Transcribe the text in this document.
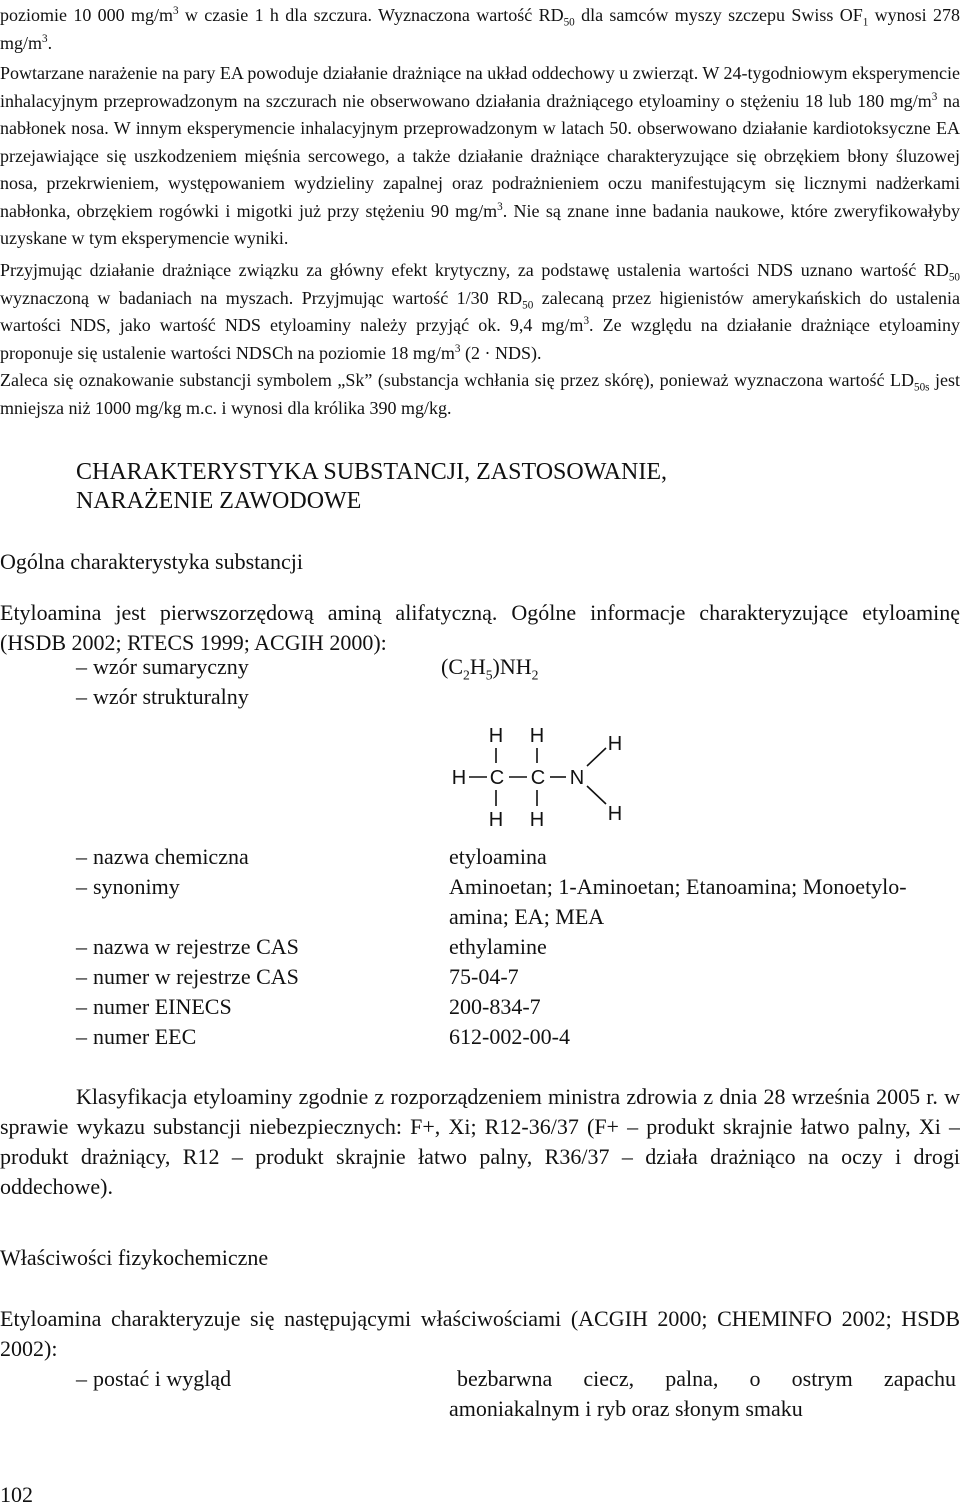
poziomie 10 000 $mg/m^3$ w czasie 1 h dla szczura. Wyznaczona wartość $RD_{50}$ dla samców myszy szczepu Swiss $OF_1$ wynosi 278 $mg/m^3$.

Powtarzane narażenie na pary EA powoduje działanie drażniące na układ oddechowy u zwierząt. W 24-tygodniowym eksperymencie inhalacyjnym przeprowadzonym na szczurach nie obserwowano działania drażniącego etyloaminy o stężeniu 18 lub 180 $mg/m^3$ na nabłonek nosa. W innym eksperymencie inhalacyjnym przeprowadzonym w latach 50. obserwowano działanie kardiotoksyczne EA przejawiające się uszkodzeniem mięśnia sercowego, a także działanie drażniące charakteryzujące się obrzękiem błony śluzowej nosa, przekrwieniem, występowaniem wydzieliny zapalnej oraz podrażnieniem oczu manifestującym się licznymi nadżerkami nabłonka, obrzękiem rogówki i migotki już przy stężeniu 90 $mg/m^3$. Nie są znane inne badania naukowe, które zweryfikowałyby uzyskane w tym eksperymencie wyniki.

Przyjmując działanie drażniące związku za główny efekt krytyczny, za podstawę ustalenia wartości NDS uznano wartość $RD_{50}$ wyznaczoną w badaniach na myszach. Przyjmując wartość 1/30 $RD_{50}$ zalecaną przez higienistów amerykańskich do ustalenia wartości NDS, jako wartość NDS etyloaminy należy przyjąć ok. 9,4 $mg/m^3$. Ze względu na działanie drażniące etyloaminy proponuje się ustalenie wartości NDSCh na poziomie 18 $mg/m^3$ (2 · NDS).

Zaleca się oznakowanie substancji symbolem „Sk” (substancja wchłania się przez skórę), ponieważ wyznaczona wartość $LD_{50s}$ jest mniejsza niż 1000 mg/kg m.c. i wynosi dla królika 390 mg/kg.

CHARAKTERYSTYKA SUBSTANCJI, ZASTOSOWANIE,
NARAŻENIE ZAWODOWE
Ogólna charakterystyka substancji

Etyloamina jest pierwszorzędową aminą alifatyczną. Ogólne informacje charakteryzujące etyloaminę (HSDB 2002; RTECS 1999; ACGIH 2000):

– wzór sumaryczny	$(C_2H_5)NH_2$
– wzór strukturalny
H H	H
H C C N
H H	H
– nazwa chemiczna	etyloamina
– synonimy	Aminoetan; 1-Aminoetan; Etanoamina; Monoetylo-
amina; EA; MEA
– nazwa w rejestrze CAS	ethylamine
– numer w rejestrze CAS	75-04-7
– numer EINECS	200-834-7
– numer EEC	612-002-00-4

Klasyfikacja etyloaminy zgodnie z rozporządzeniem ministra zdrowia z dnia 28 września 2005 r. w sprawie wykazu substancji niebezpiecznych: F+, Xi; R12-36/37 (F+ – produkt skrajnie łatwo palny, Xi – produkt drażniący, R12 – produkt skrajnie łatwo palny, R36/37 – działa drażniąco na oczy i drogi oddechowe).

Właściwości fizykochemiczne

Etyloamina charakteryzuje się następującymi właściwościami (ACGIH 2000; CHEMINFO 2002; HSDB 2002):

– postać i wygląd	bezbarwna ciecz, palna, o ostrym zapachu
amoniakalnym i ryb oraz słonym smaku
102
